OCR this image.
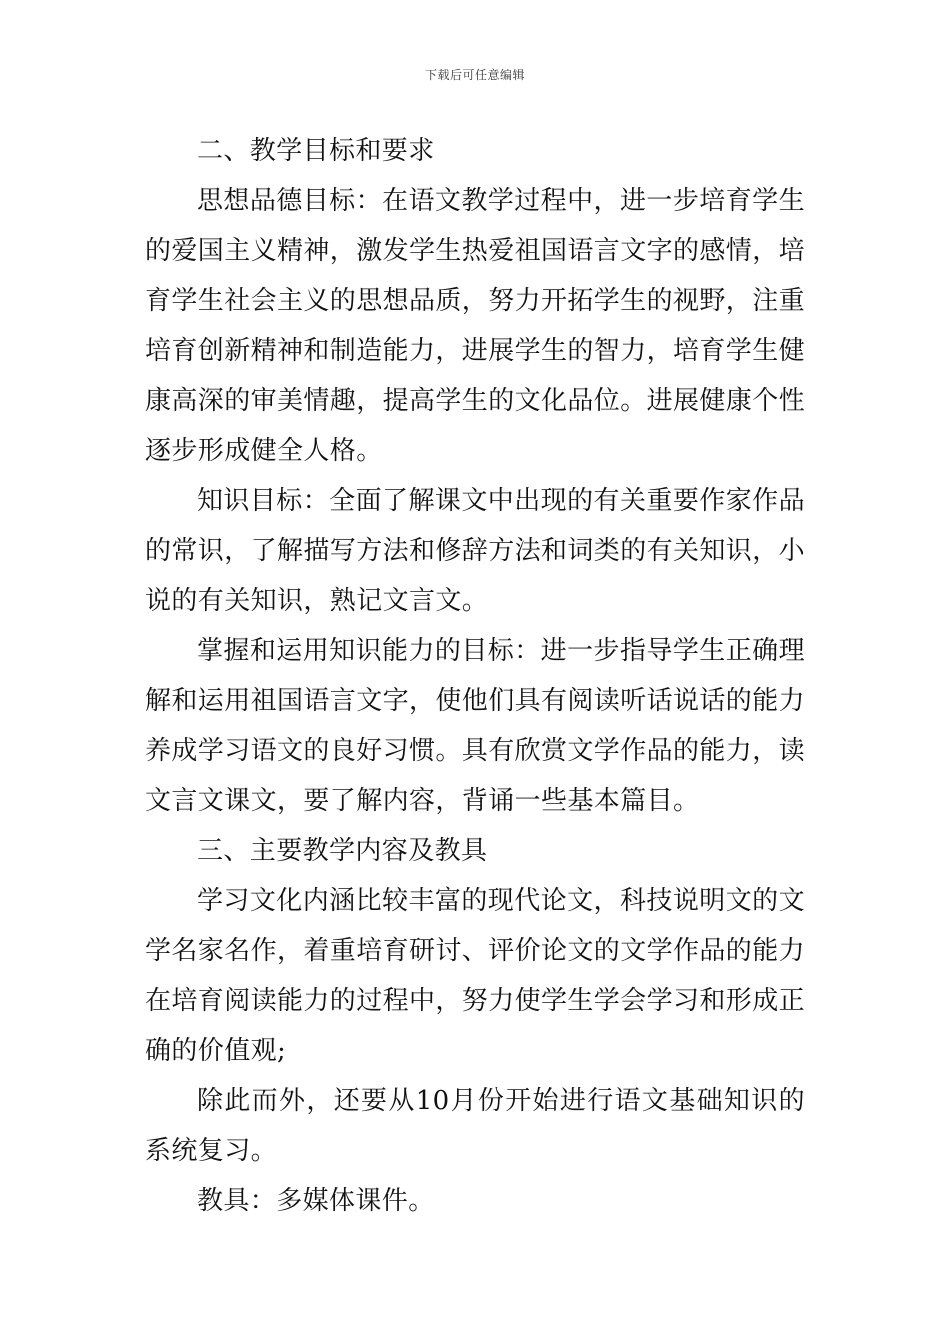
下载后可任意编辑

二、教学目标和要求

思想品德目标：在语文教学过程中，进一步培育学生的爱国主义精神，激发学生热爱祖国语言文字的感情，培育学生社会主义的思想品质，努力开拓学生的视野，注重培育创新精神和制造能力，进展学生的智力，培育学生健康高深的审美情趣，提高学生的文化品位。进展健康个性逐步形成健全人格。

知识目标：全面了解课文中出现的有关重要作家作品的常识，了解描写方法和修辞方法和词类的有关知识，小说的有关知识，熟记文言文。

掌握和运用知识能力的目标：进一步指导学生正确理解和运用祖国语言文字，使他们具有阅读听话说话的能力养成学习语文的良好习惯。具有欣赏文学作品的能力，读文言文课文，要了解内容，背诵一些基本篇目。

三、主要教学内容及教具

学习文化内涵比较丰富的现代论文，科技说明文的文学名家名作，着重培育研讨、评价论文的文学作品的能力在培育阅读能力的过程中，努力使学生学会学习和形成正确的价值观;

除此而外，还要从10月份开始进行语文基础知识的系统复习。

教具：多媒体课件。
